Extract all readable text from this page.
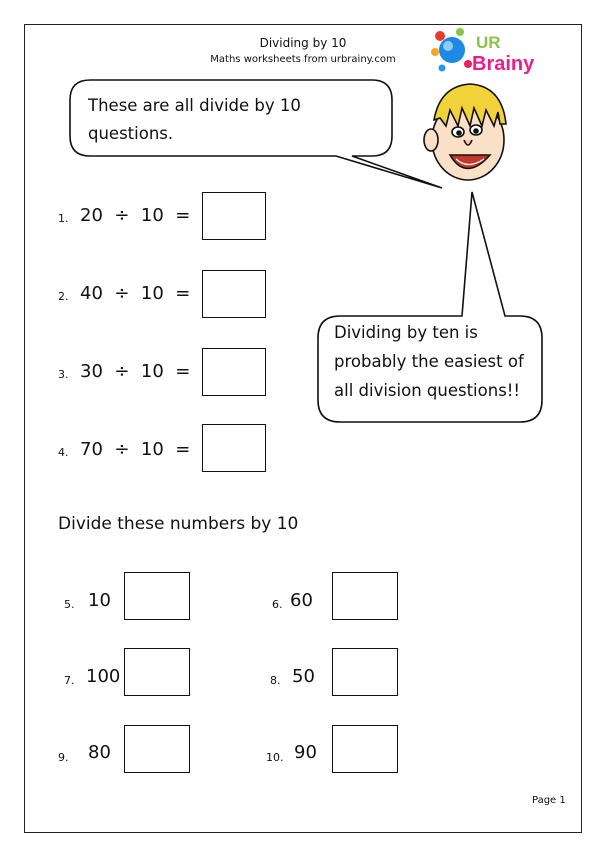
Dividing by 10
Maths worksheets from urbrainy.com
UR
Brainy
These are all divide by 10 questions.
Dividing by ten is probably the easiest of all division questions!!
1. 20 ÷ 10 =
2. 40 ÷ 10 =
3. 30 ÷ 10 =
4. 70 ÷ 10 =
Divide these numbers by 10
5. 10	6. 60
7. 100	8. 50
9. 80	10. 90
Page 1
